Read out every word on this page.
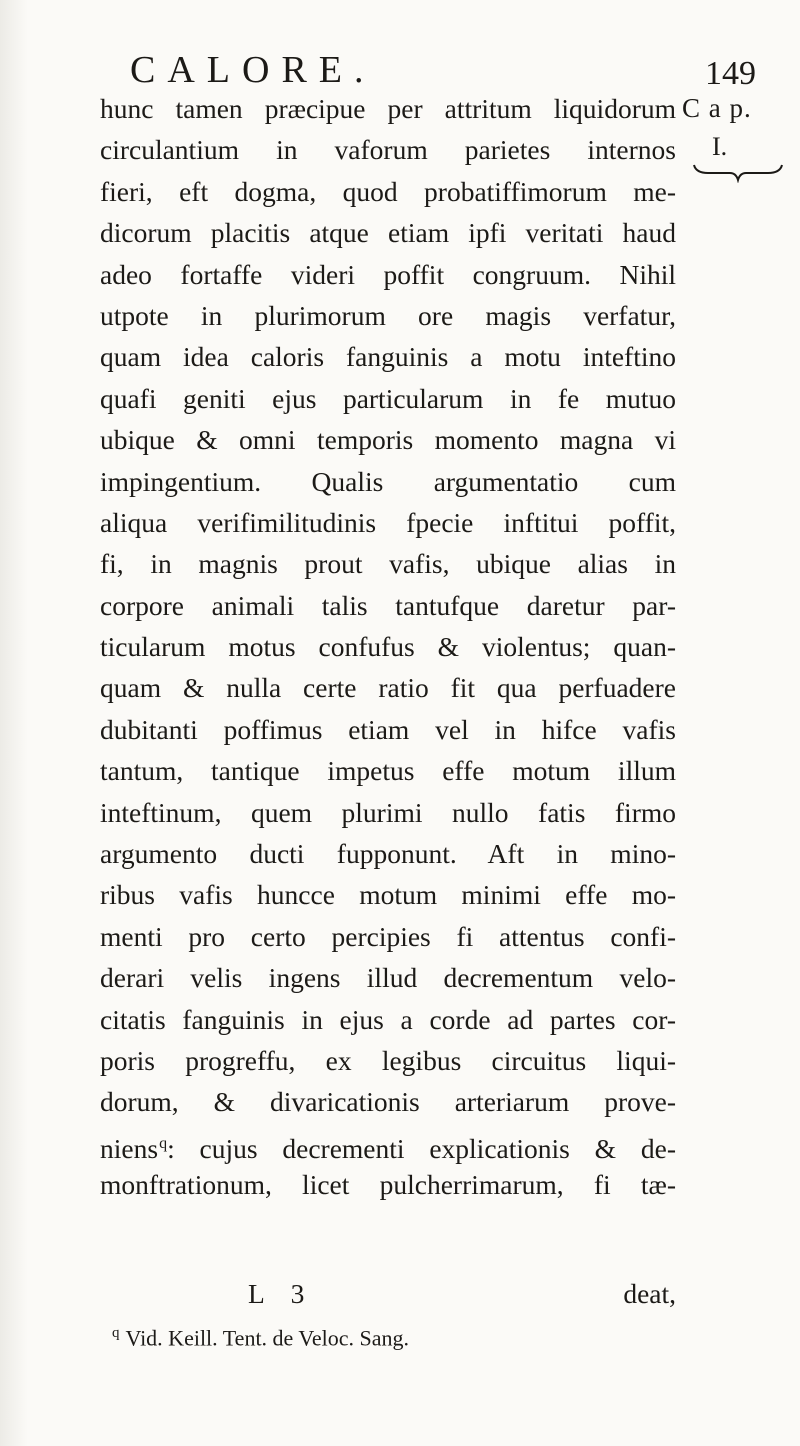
CALORE.	149
hunc tamen præcipue per attritum liquidorum
circulantium in vaforum parietes internos
fieri, eft dogma, quod probatiffimorum me-
dicorum placitis atque etiam ipfi veritati haud
adeo fortaffe videri poffit congruum. Nihil
utpote in plurimorum ore magis verfatur,
quam idea caloris fanguinis a motu inteftino
quafi geniti ejus particularum in fe mutuo
ubique & omni temporis momento magna vi
impingentium. Qualis argumentatio cum
aliqua verifimilitudinis fpecie inftitui poffit,
fi, in magnis prout vafis, ubique alias in
corpore animali talis tantufque daretur par-
ticularum motus confufus & violentus; quan-
quam & nulla certe ratio fit qua perfuadere
dubitanti poffimus etiam vel in hifce vafis
tantum, tantique impetus effe motum illum
inteftinum, quem plurimi nullo fatis firmo
argumento ducti fupponunt. Aft in mino-
ribus vafis huncce motum minimi effe mo-
menti pro certo percipies fi attentus confi-
derari velis ingens illud decrementum velo-
citatis fanguinis in ejus a corde ad partes cor-
poris progreffu, ex legibus circuitus liqui-
dorum, & divaricationis arteriarum prove-
niens$^q$: cujus decrementi explicationis & de-
monftrationum, licet pulcherrimarum, fi tæ-
C a p.
I.
L 3	deat,
$^q$ Vid. Keill. Tent. de Veloc. Sang.
